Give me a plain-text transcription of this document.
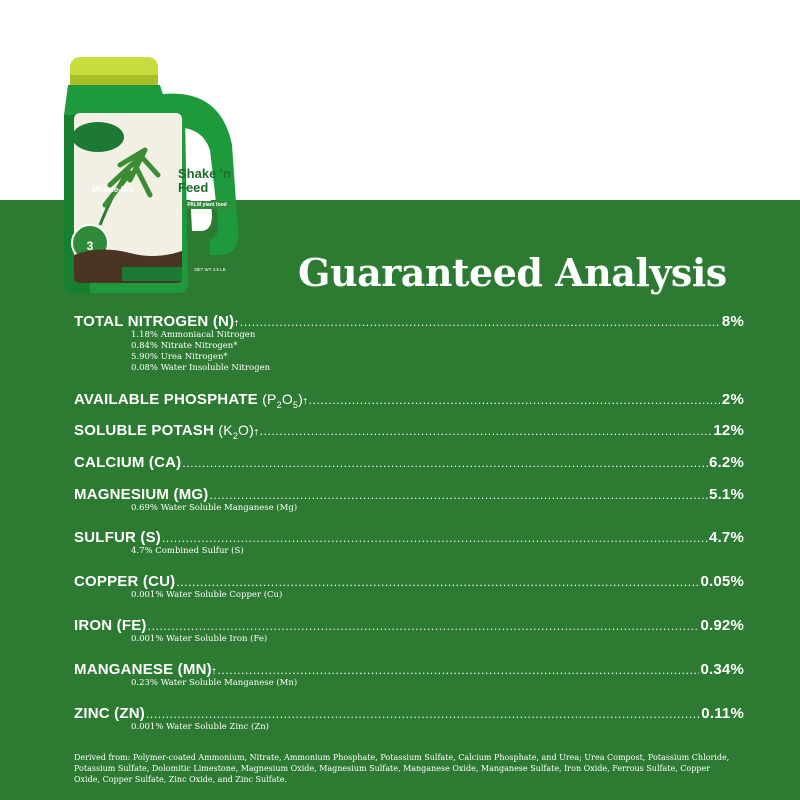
Miracle-Gro
Shake 'n Feed
PALM plant food
3
NET WT 4.5 LB	Guaranteed Analysis
TOTAL NITROGEN (N) † .....	8%
1.18% Ammoniacal Nitrogen
0.84% Nitrate Nitrogen*
5.90% Urea Nitrogen*
0.08% Water Insoluble Nitrogen
AVAILABLE PHOSPHATE
$(P_2O_5)$ † .....	2%
SOLUBLE POTASH
$(K_2O)$ † .....	12%
CALCIUM (CA) .....	6.2%
MAGNESIUM (MG) .....	5.1%
0.69% Water Soluble Manganese (Mg)
SULFUR (S) .....	4.7%
4.7% Combined Sulfur (S)
COPPER (CU) .....	0.05%
0.001% Water Soluble Copper (Cu)
IRON (FE) .....	0.92%
0.001% Water Soluble Iron (Fe)
MANGANESE (MN) † .....	0.34%
0.23% Water Soluble Manganese (Mn)
ZINC (ZN) .....	0.11%
0.001% Water Soluble Zinc (Zn)
Derived from: Polymer-coated Ammonium, Nitrate, Ammonium Phosphate, Potassium Sulfate, Calcium Phosphate, and Urea; Urea Compost, Potassium Chloride, Potassium Sulfate, Dolomitic Limestone, Magnesium Oxide, Magnesium Sulfate, Manganese Oxide, Manganese Sulfate, Iron Oxide, Ferrous Sulfate, Copper Oxide, Copper Sulfate, Zinc Oxide, and Zinc Sulfate.
